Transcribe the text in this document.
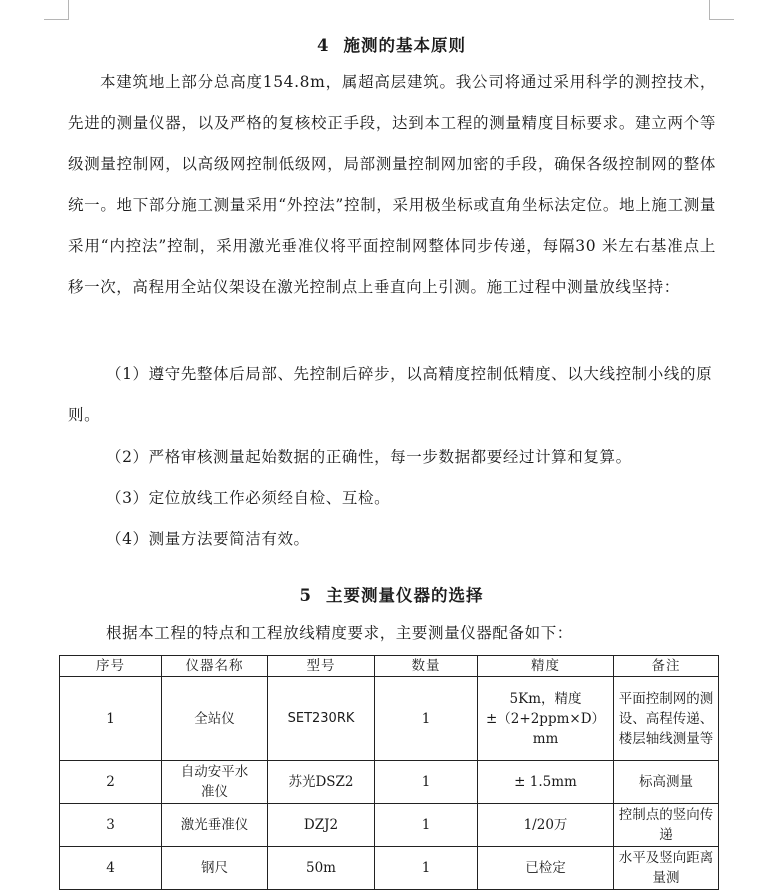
4 施测的基本原则

本建筑地上部分总高度154.8m，属超高层建筑。我公司将通过采用科学的测控技术，先进的测量仪器，以及严格的复核校正手段，达到本工程的测量精度目标要求。建立两个等级测量控制网，以高级网控制低级网，局部测量控制网加密的手段，确保各级控制网的整体统一。地下部分施工测量采用“外控法”控制，采用极坐标或直角坐标法定位。地上施工测量采用“内控法”控制，采用激光垂准仪将平面控制网整体同步传递，每隔30 米左右基准点上移一次，高程用全站仪架设在激光控制点上垂直向上引测。施工过程中测量放线坚持：

（1）遵守先整体后局部、先控制后碎步，以高精度控制低精度、以大线控制小线的原则。

（2）严格审核测量起始数据的正确性，每一步数据都要经过计算和复算。

（3）定位放线工作必须经自检、互检。

（4）测量方法要简洁有效。

5 主要测量仪器的选择

根据本工程的特点和工程放线精度要求，主要测量仪器配备如下：

序号	仪器名称	型号	数量	精度	备注
1	全站仪	SET230RK	1	5Km，精度±（2+2ppm×D）mm	平面控制网的测设、高程传递、楼层轴线测量等
2	自动安平水准仪	苏光DSZ2	1	± 1.5mm	标高测量
3	激光垂准仪	DZJ2	1	1/20万	控制点的竖向传递
4	钢尺	50m	1	已检定	水平及竖向距离量测
